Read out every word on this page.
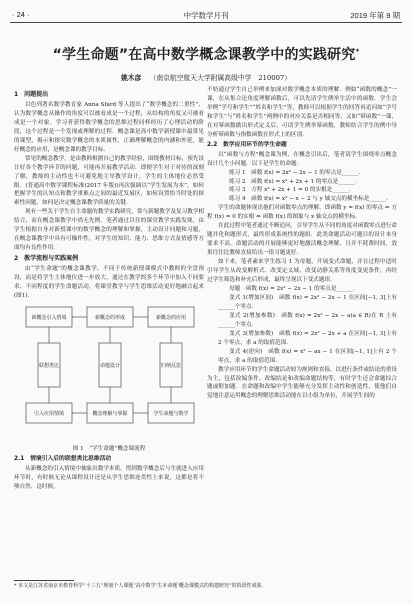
· 24 ·	中学数学月刊	2019 年第 9 期
“学生命题”在高中数学概念课教学中的实践研究*
姚木彦 （南京航空航天大学附属高级中学　210007）
1　问题提出

以色列著名数学教育家 Anna Sfard 等人提出了“数学概念的二重性”，认为数学概念从操作的角度可以被看成是一个过程，从结构的角度又可被看成是一个对象．学习者获得数学概念的思维过程同样经历了心理活动的阶段，这个过程是一个发现或理解的过程．概念课是高中数学新授课中最常见的课型，揭示和探究数学概念的本质属性，正确理解概念的内涵和外延，能好概念的应用，是概念课的教学目标．

常见的概念教学，是由教师根据自己的教学经验，围绕教材目标，预先设计好各个教学环节的问题，可能再开展教学活动．即便学生对于对待的深刻了解，教师的主动性也不可避免地主导教学设计，学生的主体地位必然受限．(普通高中数学课程标准(2017 年版))再次强调以“学生发展为本”，如何把握学生的认知点和教学重难点之间的最近发展区，如何设置恰当时处的探索性问题，如何是决定概念课教学质量的关键．

现有一些关于学生自主命题的教学实践研究，常与新题教学及复习教学相结合，而在概念课教学中尚无先例．笔者通过以往的课堂教学实践发现，由学生根据自身对新授课中的数学概念的理解和掌握，主动设计问题和习题，在概念课教学中具有可操作性，对学生的知识、能力、思维方式及情感等方面均有良性作用．

2　教学流程与实践案例

由“学生命题”的概念课教学，不同于传统新授课模式中教师的全盘预设，而是将学生主体地位进一步放大，通过在教学的多个环节中加入不同要求、不同程度的学生命题活动，将课堂教学与学生思维活动更好地融合起来(图1)．

新概念引入情境	新概念的形成	新概念的应用
引入应用情境	概念理解与掌握	学生命题与教学
联想类比	命题设计	归纳反思
图 1　“学生命题”概念课流程
2.1　情境引入后的联想类比思维活动

从新概念的引入情境中抽象出数学本质，得到数学概念后与生就进入应用环节时，有时候无论从课程设计还是从学生思维连贯性上来说，这都是将不够自然．这时候，

不妨通过学生自己举例来加深对数学概念本质的理解．例如“函数的概念”一课，在从集合论角度理解函数后，可以先请学生例举生活中的函数．学生会举例“学号和学生”“姓名和学生”等，教师可以根据学生的回答再追问如“学号和学生”与“姓名和学生”两例中的对应关系是否相同等，又如“幂函数”一课，在对幂函数做出形式定义后，可请学生例举幂函数，教师结合学生的例中导分析幂函数与指数函数在形式上的区别．

2.2　数学应用环节的学生命题

以“函数与方程”概念课为例，在概念引出后，笔者请学生围绕零点概念设计几个小问题．以下是学生的命题：

练习 1　函数 f(x) = 2x² − 2x − 1 的零点是______．

练习 2　函数 f(x) = x² + 2x + 1 的零点是______．

练习 3　方程 x² + 2x + 1 = 0 的实根是______．

练习 4　函数 f(x) = x² − x − 2 与 y 轴交点的横坐标是______．

学生的命题体现出他们对函数零点的理解，即函数 y = f(x) 的零点 ⇔ 方程 f(x) = 0 的实根 ⇔ 函数 f(x) 的图象与 x 轴交点的横坐标．

在此过程中笔者通过不断追问，引导学生从不同的角度对函数零点进行命题并化和题形式，最终形成系统性的题组．此类命题活动可题目的设计本身要求不高，命题活动的开展能够更好地激活概念理解，且并不耗费时间，效果往往比教师直接给出一组习题更好．

如下来，笔者素来学生练习 1 为母题，开展变式命题，并在过程中适时引导学生从改变解析式、改变定义域、改变动静关系等角度变更条件，再经过学生筛选和补充后形成，最终呈现以下变式题组．

母题　函数 f(x) = 2x² − 2x − 1 的零点是______．

变式 1(增加区间)　函数 f(x) = 2x² − 2x − 1 在区间[−1, 3]上有______个零点．

变式 2(增加参数)　函数 f(x) = 2x² − 2x − a(a ∈ R)在 R 上有______个零点．

变式 3(增加参数)　函数 f(x) = 2x² − 2x + a 在区间[−1, 3]上有 2 个零点，求 a 的取值范围．

变式 4(逆向)　函数 f(x) = x² − ax − 1 在区间[−1, 1]上有 2 个零点，求 a 的取值范围．

教学应用环节的学生命题活动较为规则和直接，以进行条件或结论的重设为主，包括改编条件、改编结论和改编命题结构等，有时学生还会命题综合题或附加题．在命题和改编中学生能够充分发挥主动性和创造性，使他们自觉地注意运用概念的理解思维活动能在以小组为单位，开展学生间的

* 本文是江苏省南京市教育科学“十三五”规划个人课题“高中数学‘生本命题’概念课模式的构建研究”的阶段性成果．
